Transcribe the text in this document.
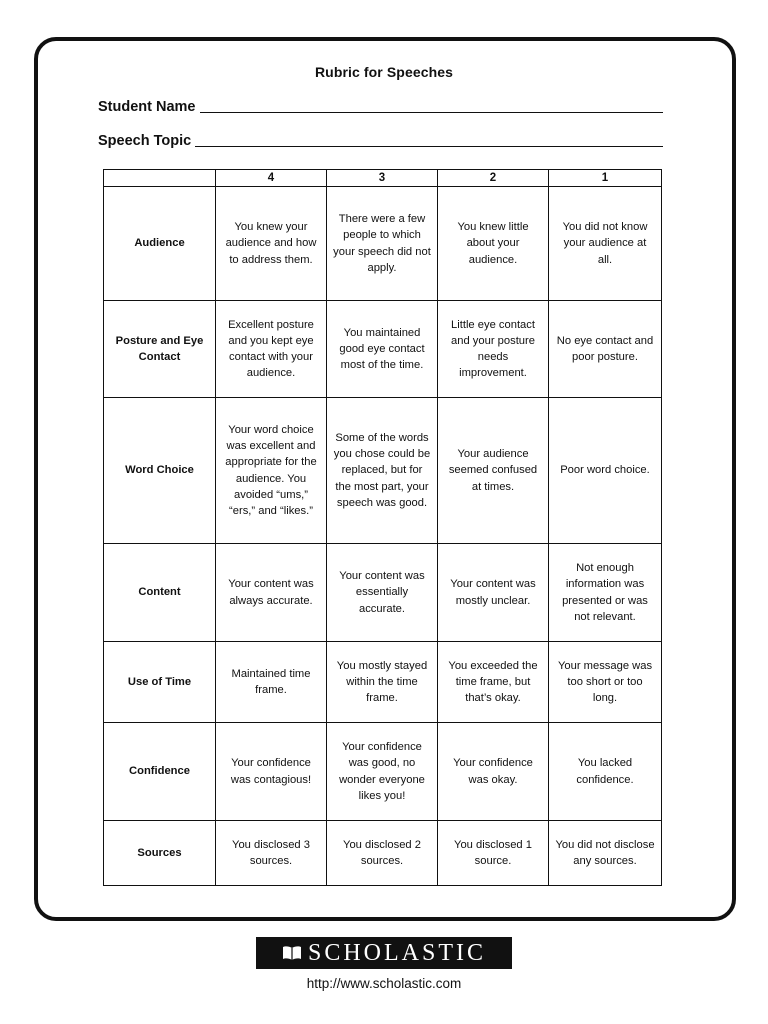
Rubric for Speeches
Student Name
Speech Topic
	4	3	2	1
Audience	You knew your audience and how to address them.	There were a few people to which your speech did not apply.	You knew little about your audience.	You did not know your audience at all.
Posture and Eye Contact	Excellent posture and you kept eye contact with your audience.	You maintained good eye contact most of the time.	Little eye contact and your posture needs improvement.	No eye contact and poor posture.
Word Choice	Your word choice was excellent and appropriate for the audience. You avoided “ums,” “ers,” and “likes.”	Some of the words you chose could be replaced, but for the most part, your speech was good.	Your audience seemed confused at times.	Poor word choice.
Content	Your content was always accurate.	Your content was essentially accurate.	Your content was mostly unclear.	Not enough information was presented or was not relevant.
Use of Time	Maintained time frame.	You mostly stayed within the time frame.	You exceeded the time frame, but that’s okay.	Your message was too short or too long.
Confidence	Your confidence was contagious!	Your confidence was good, no wonder everyone likes you!	Your confidence was okay.	You lacked confidence.
Sources	You disclosed 3 sources.	You disclosed 2 sources.	You disclosed 1 source.	You did not disclose any sources.
SCHOLASTIC
http://www.scholastic.com
